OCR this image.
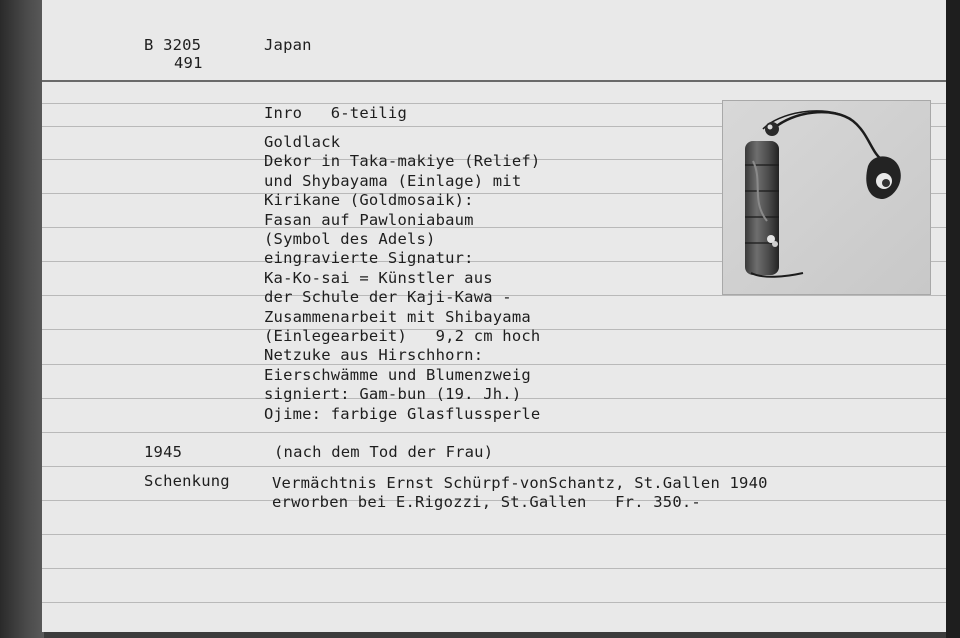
B 3205
491
Japan
Inro   6-teilig
Goldlack
Dekor in Taka-makiye (Relief)
und Shybayama (Einlage) mit
Kirikane (Goldmosaik):
Fasan auf Pawloniabaum
(Symbol des Adels)
eingravierte Signatur:
Ka-Ko-sai = Künstler aus
der Schule der Kaji-Kawa -
Zusammenarbeit mit Shibayama
(Einlegearbeit)   9,2 cm hoch
Netzuke aus Hirschhorn:
Eierschwämme und Blumenzweig
signiert: Gam-bun (19. Jh.)
Ojime: farbige Glasflussperle
1945	(nach dem Tod der Frau)
Schenkung	Vermächtnis Ernst Schürpf-vonSchantz, St.Gallen 1940
erworben bei E.Rigozzi, St.Gallen   Fr. 350.-
